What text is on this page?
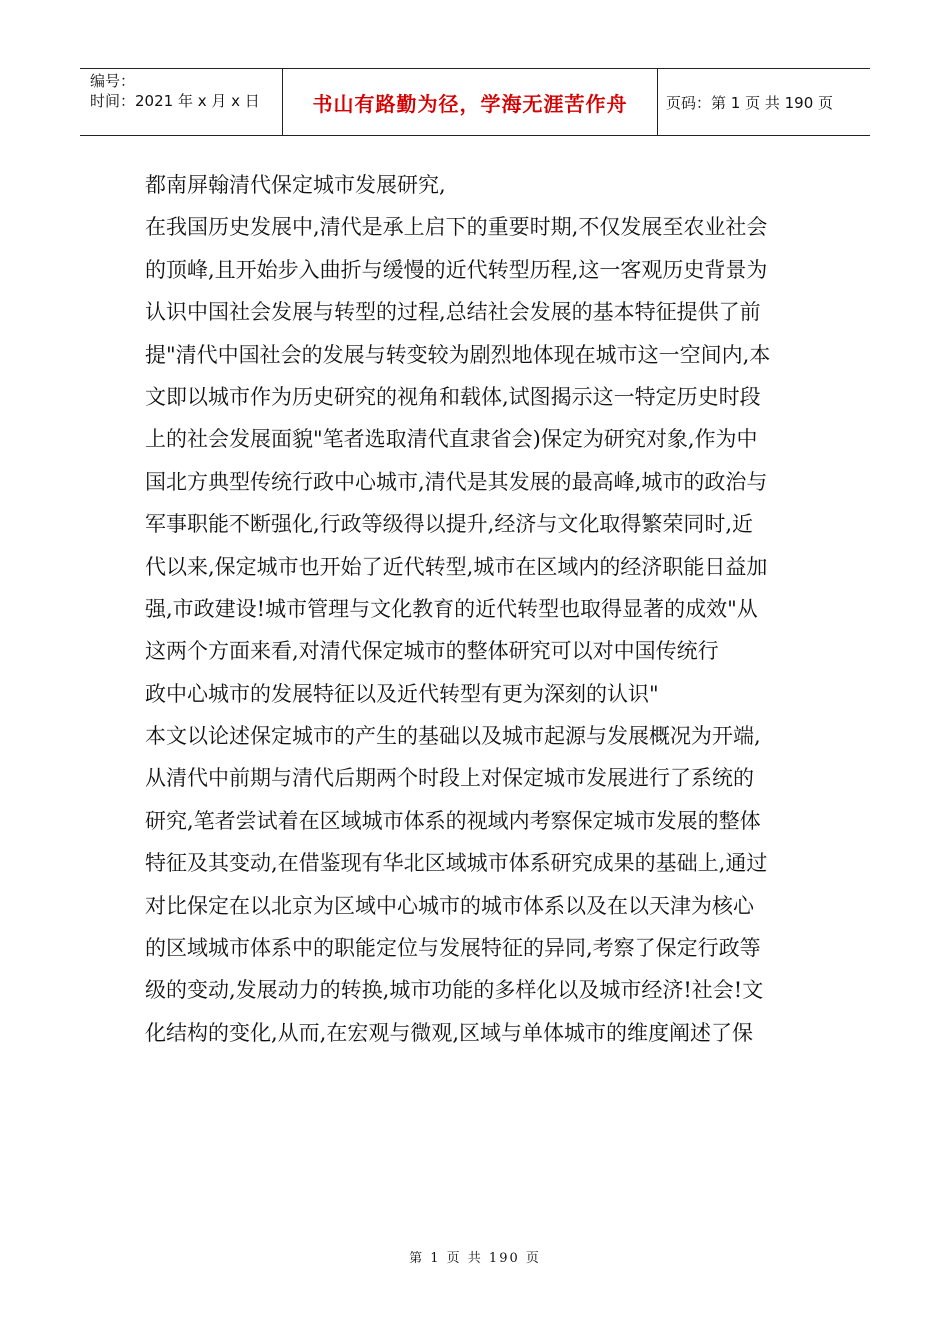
编号：
时间：2021 年 x 月 x 日	书山有路勤为径，学海无涯苦作舟	页码：第 1 页 共 190 页
都南屏翰清代保定城市发展研究,
在我国历史发展中,清代是承上启下的重要时期,不仅发展至农业社会
的顶峰,且开始步入曲折与缓慢的近代转型历程,这一客观历史背景为
认识中国社会发展与转型的过程,总结社会发展的基本特征提供了前
提"清代中国社会的发展与转变较为剧烈地体现在城市这一空间内,本
文即以城市作为历史研究的视角和载体,试图揭示这一特定历史时段
上的社会发展面貌"笔者选取清代直隶省会)保定为研究对象,作为中
国北方典型传统行政中心城市,清代是其发展的最高峰,城市的政治与
军事职能不断强化,行政等级得以提升,经济与文化取得繁荣同时,近
代以来,保定城市也开始了近代转型,城市在区域内的经济职能日益加
强,市政建设!城市管理与文化教育的近代转型也取得显著的成效"从
这两个方面来看,对清代保定城市的整体研究可以对中国传统行
政中心城市的发展特征以及近代转型有更为深刻的认识"
本文以论述保定城市的产生的基础以及城市起源与发展概况为开端,
从清代中前期与清代后期两个时段上对保定城市发展进行了系统的
研究,笔者尝试着在区域城市体系的视域内考察保定城市发展的整体
特征及其变动,在借鉴现有华北区域城市体系研究成果的基础上,通过
对比保定在以北京为区域中心城市的城市体系以及在以天津为核心
的区域城市体系中的职能定位与发展特征的异同,考察了保定行政等
级的变动,发展动力的转换,城市功能的多样化以及城市经济!社会!文
化结构的变化,从而,在宏观与微观,区域与单体城市的维度阐述了保
第 1 页 共 190 页
